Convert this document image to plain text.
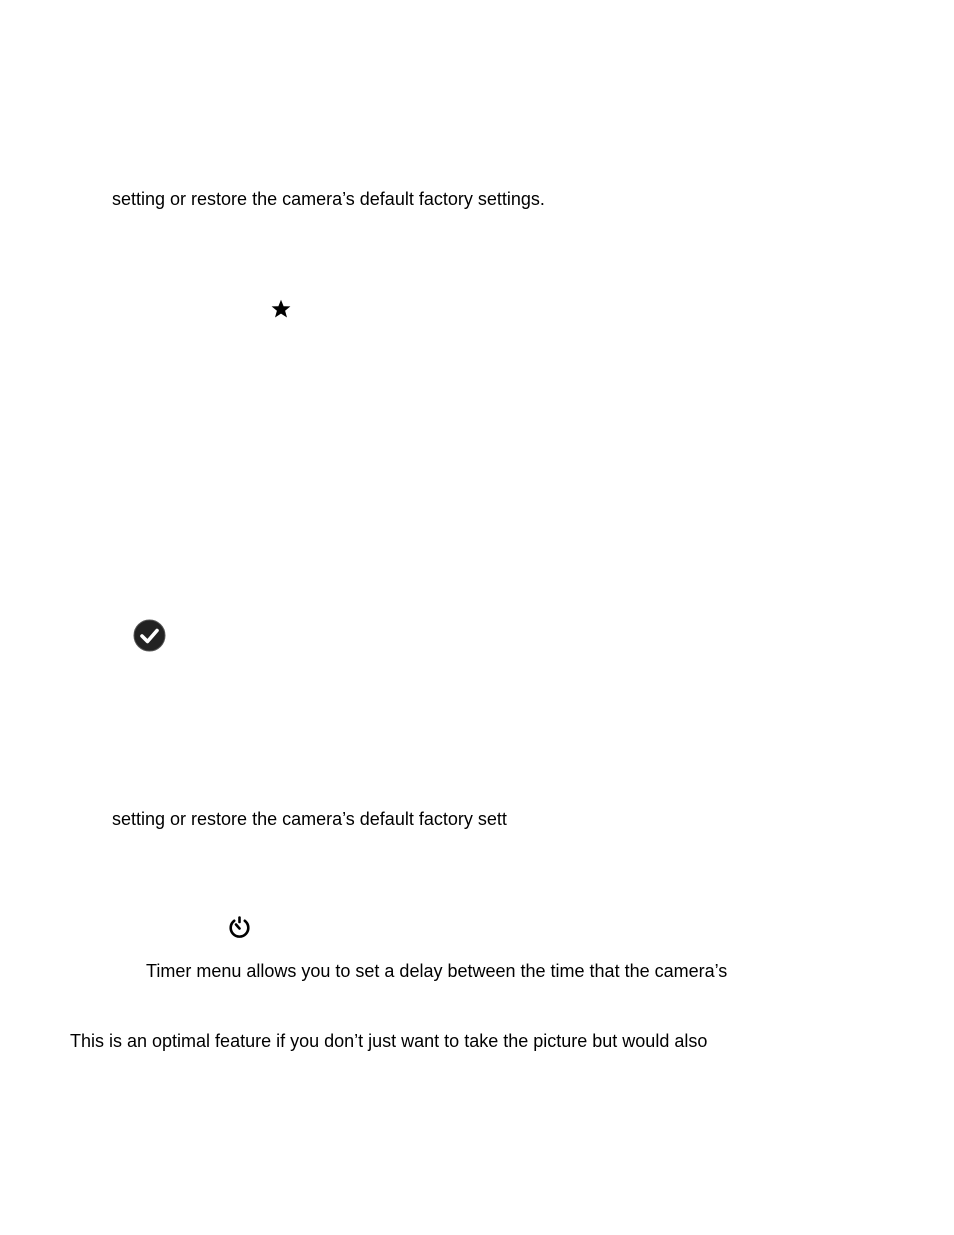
setting or restore the camera’s default factory settings.
setting or restore the camera’s default factory sett
Timer menu allows you to set a delay between the time that the camera’s
This is an optimal feature if you don’t just want to take the picture but would also
